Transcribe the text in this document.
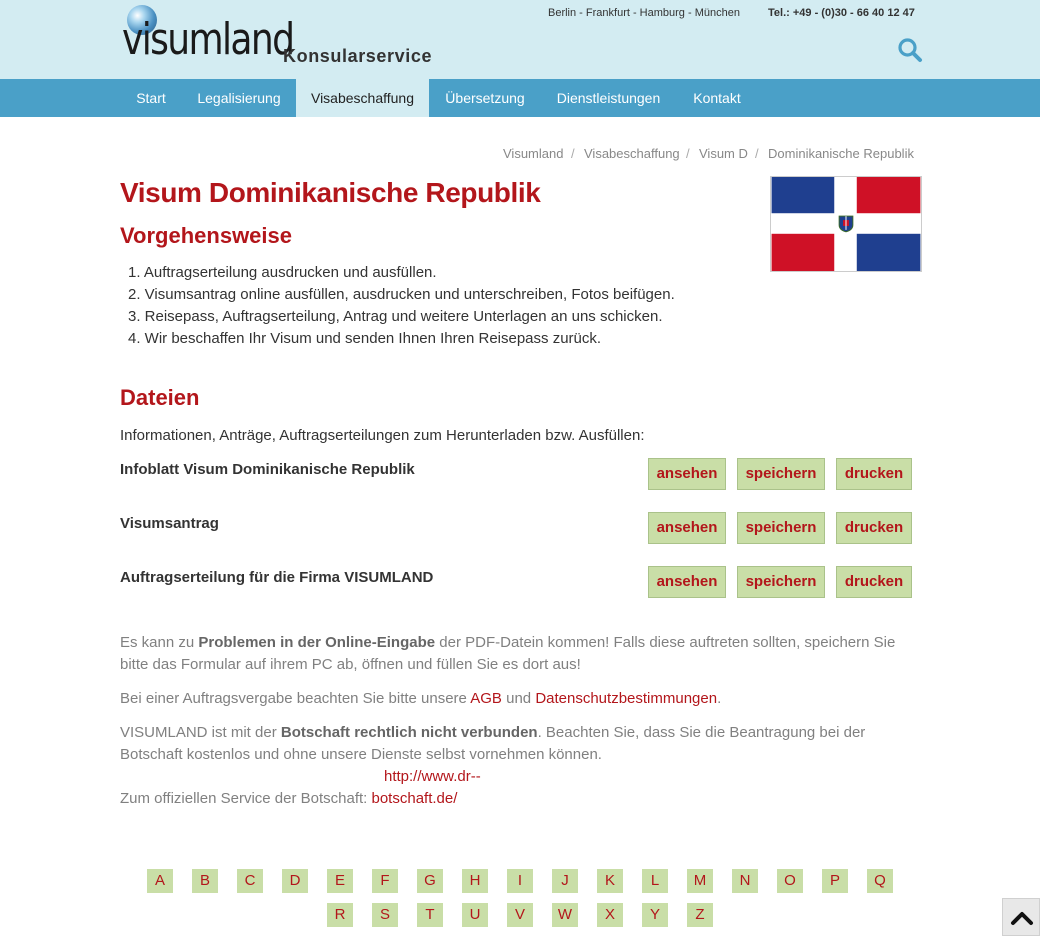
visumland
Konsularservice
Berlin - Frankfurt - Hamburg - München	Tel.: +49 - (0)30 - 66 40 12 47
Start	Legalisierung	Visabeschaffung	Übersetzung	Dienstleistungen	Kontakt
Visumland / Visabeschaffung / Visum D / Dominikanische Republik
Visum Dominikanische Republik
Vorgehensweise
1. Auftragserteilung ausdrucken und ausfüllen.
2. Visumsantrag online ausfüllen, ausdrucken und unterschreiben, Fotos beifügen.
3. Reisepass, Auftragserteilung, Antrag und weitere Unterlagen an uns schicken.
4. Wir beschaffen Ihr Visum und senden Ihnen Ihren Reisepass zurück.
Dateien
Informationen, Anträge, Auftragserteilungen zum Herunterladen bzw. Ausfüllen:
Infoblatt Visum Dominikanische Republik	ansehen	speichern	drucken
Visumsantrag	ansehen	speichern	drucken
Auftragserteilung für die Firma VISUMLAND	ansehen	speichern	drucken
Es kann zu Problemen in der Online-Eingabe der PDF-Datein kommen! Falls diese auftreten sollten, speichern Sie
bitte das Formular auf ihrem PC ab, öffnen und füllen Sie es dort aus!
Bei einer Auftragsvergabe beachten Sie bitte unsere AGB und Datenschutzbestimmungen.
VISUMLAND ist mit der Botschaft rechtlich nicht verbunden. Beachten Sie, dass Sie die Beantragung bei der
Botschaft kostenlos und ohne unsere Dienste selbst vornehmen können.
http://www.dr--
Zum offiziellen Service der Botschaft: botschaft.de/
A	B	C	D	E	F	G	H	I	J	K	L	M	N	O	P	Q
R	S	T	U	V	W	X	Y	Z
